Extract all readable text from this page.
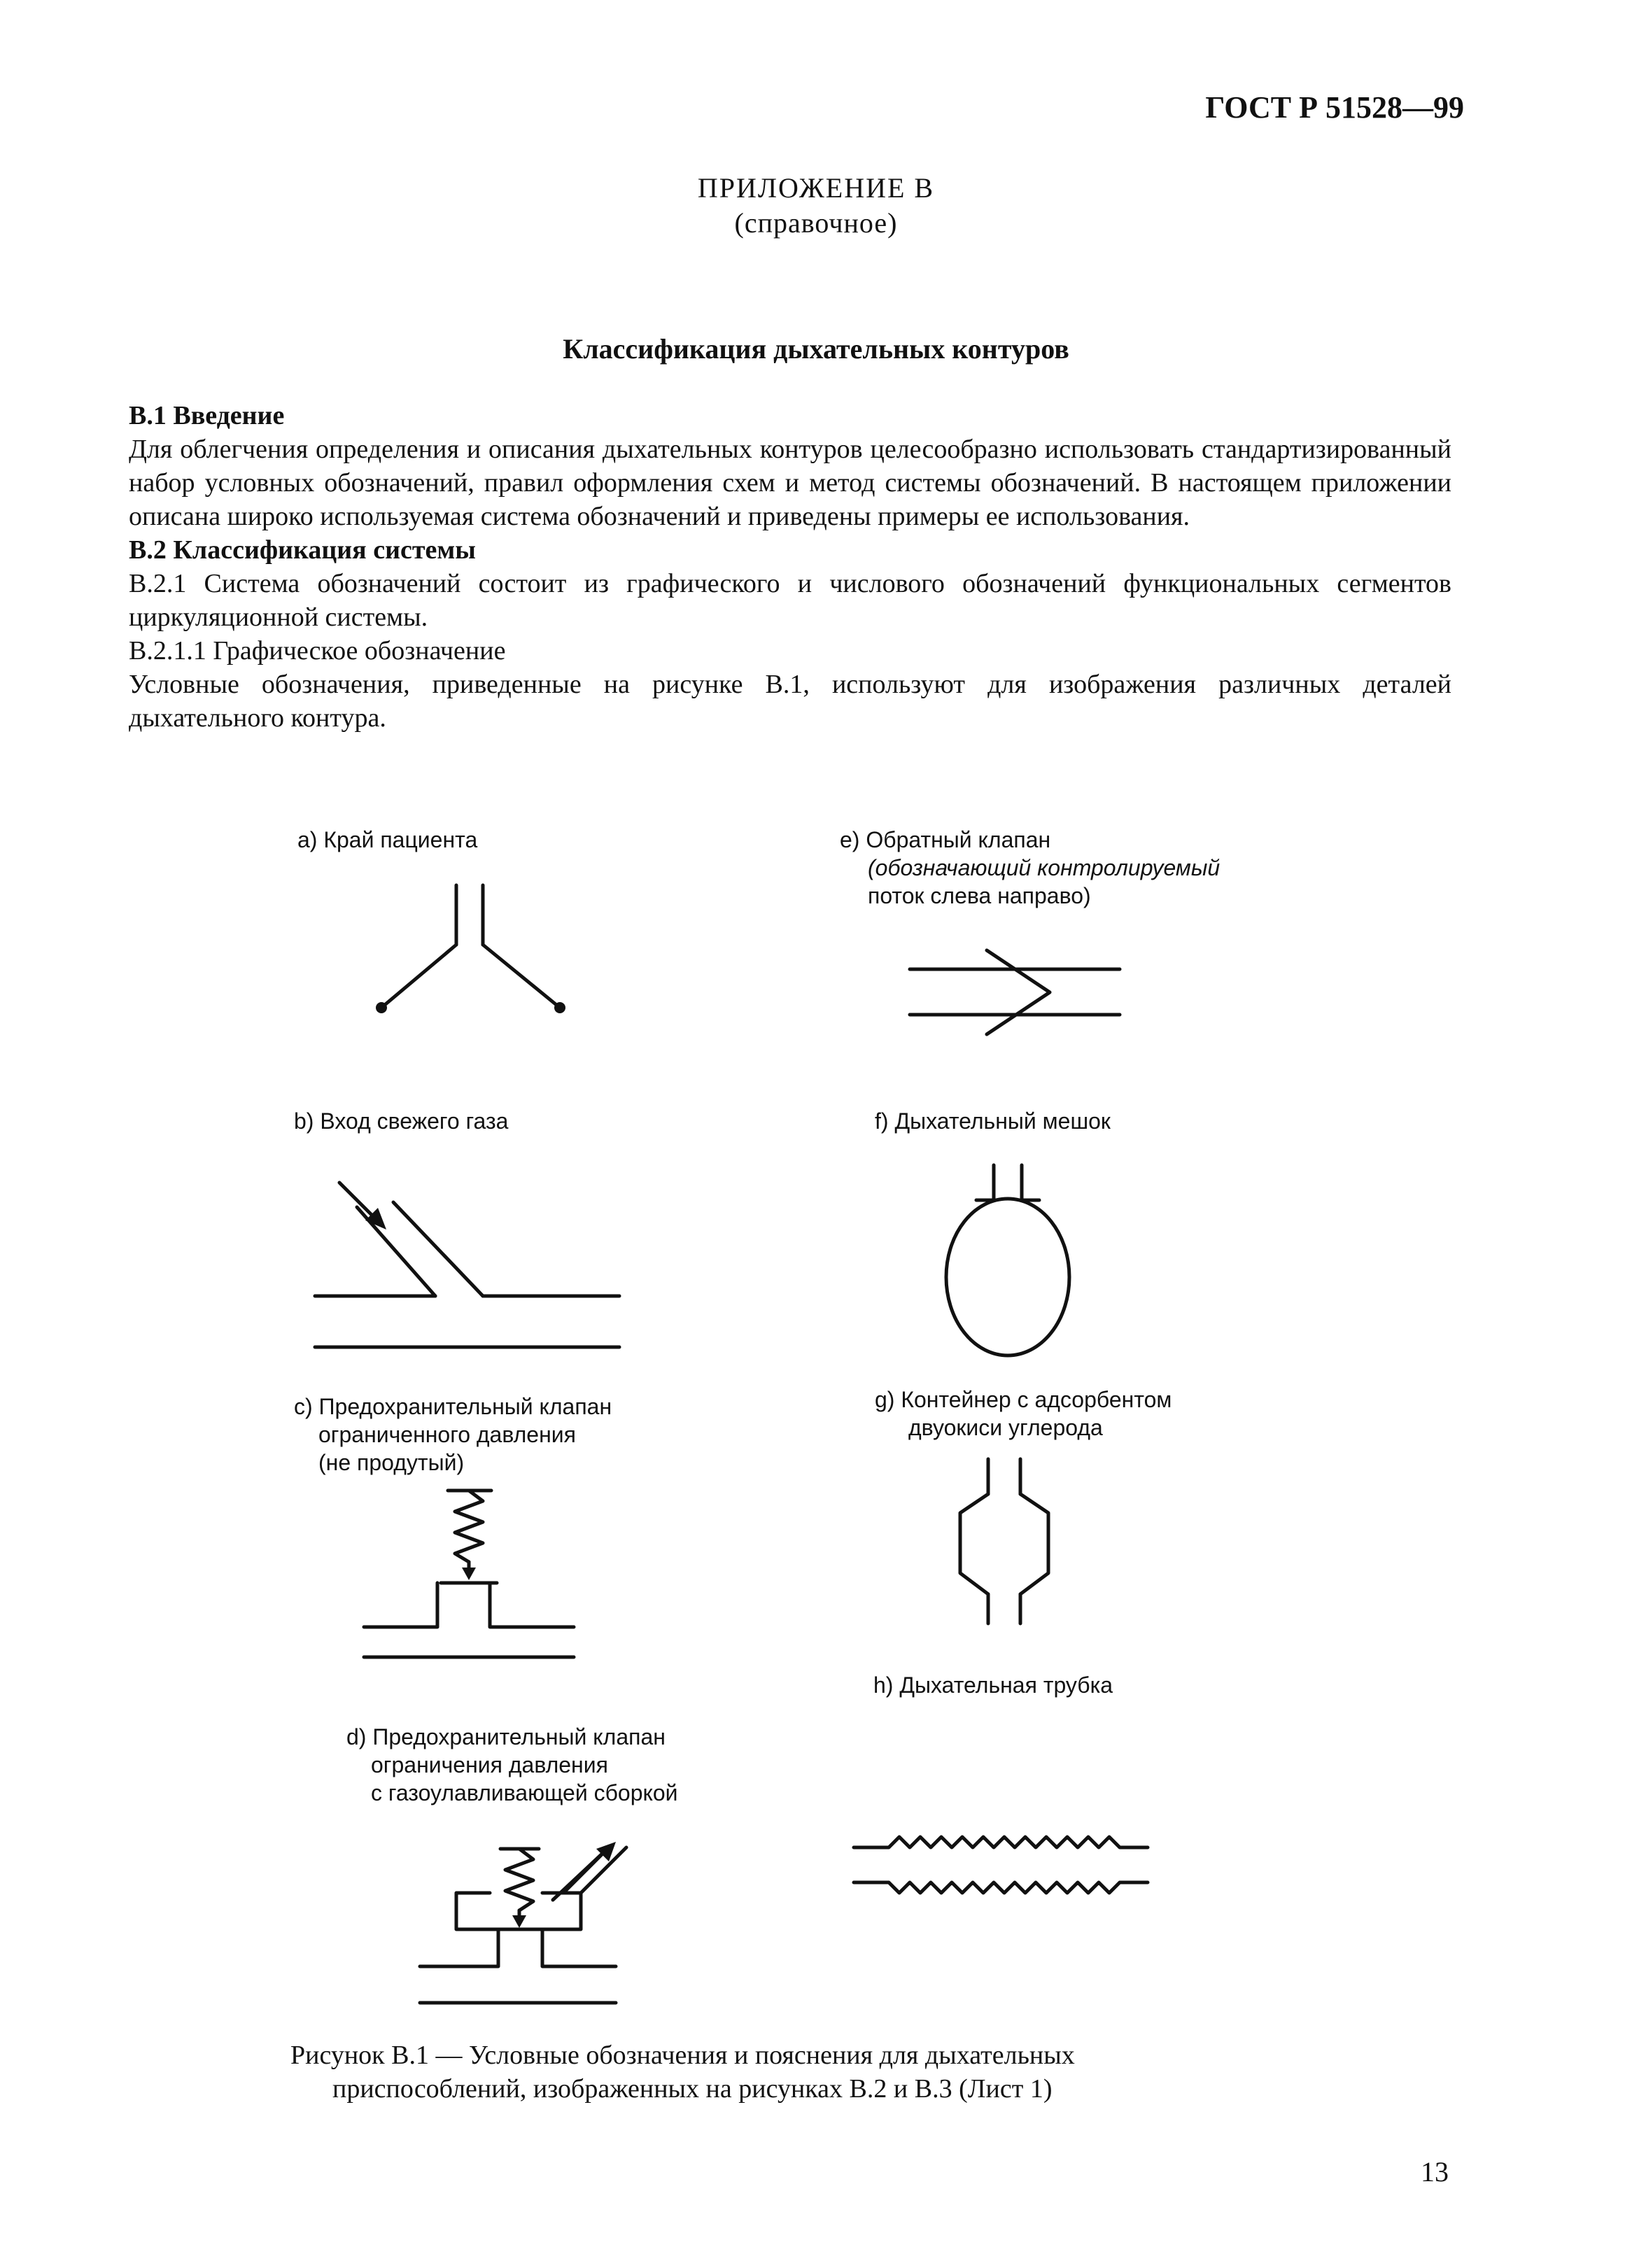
ГОСТ Р 51528—99
ПРИЛОЖЕНИЕ В
(справочное)
Классификация дыхательных контуров

В.1 Введение

Для облегчения определения и описания дыхательных контуров целесообразно использовать стандартизированный набор условных обозначений, правил оформления схем и метод системы обозначений. В настоящем приложении описана широко используемая система обозначений и приведены примеры ее использования.

В.2 Классификация системы

В.2.1 Система обозначений состоит из графического и числового обозначений функциональных сегментов циркуляционной системы.

В.2.1.1 Графическое обозначение

Условные обозначения, приведенные на рисунке В.1, используют для изображения различных деталей дыхательного контура.

a) Край пациента
b) Вход свежего газа
c) Предохранительный клапан
ограниченного давления
(не продутый)
d) Предохранительный клапан
ограничения давления
с газоулавливающей сборкой
e) Обратный клапан
(обозначающий контролируемый
поток слева направо)
f) Дыхательный мешок
g) Контейнер с адсорбентом
двуокиси углерода
h) Дыхательная трубка
Рисунок В.1 — Условные обозначения и пояснения для дыхательных
приспособлений, изображенных на рисунках В.2 и В.3 (Лист 1)
13
